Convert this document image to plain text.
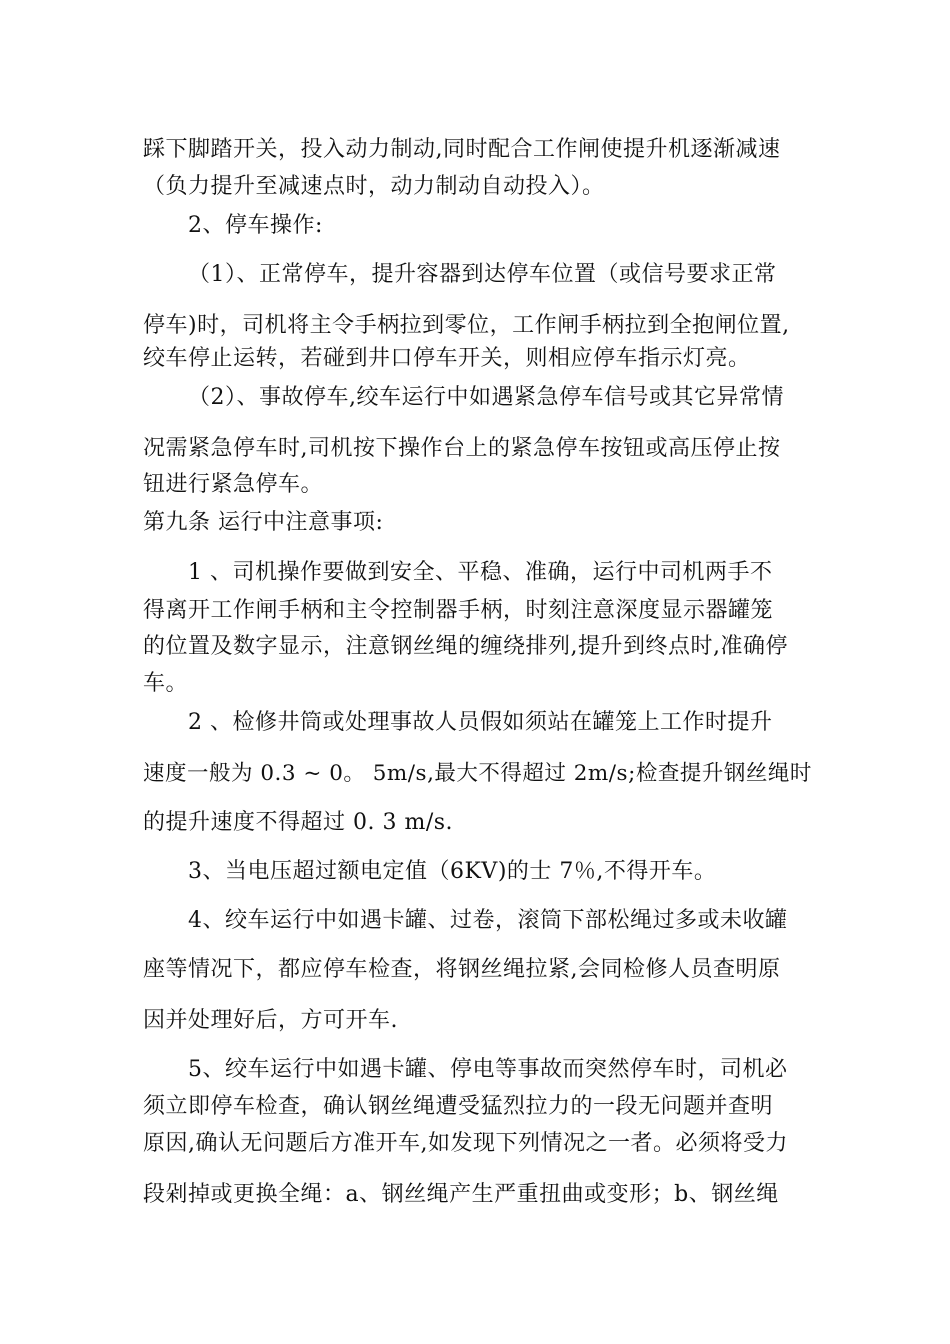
踩下脚踏开关，投入动力制动,同时配合工作闸使提升机逐渐减速
（负力提升至减速点时，动力制动自动投入）。
2、停车操作:
（1）、正常停车，提升容器到达停车位置（或信号要求正常
停车)时，司机将主令手柄拉到零位，工作闸手柄拉到全抱闸位置,
绞车停止运转，若碰到井口停车开关，则相应停车指示灯亮。
（2）、事故停车,绞车运行中如遇紧急停车信号或其它异常情
况需紧急停车时,司机按下操作台上的紧急停车按钮或高压停止按
钮进行紧急停车。
第九条 运行中注意事项:
1 、司机操作要做到安全、平稳、准确，运行中司机两手不
得离开工作闸手柄和主令控制器手柄，时刻注意深度显示器罐笼
的位置及数字显示，注意钢丝绳的缠绕排列,提升到终点时,准确停
车。
2 、检修井筒或处理事故人员假如须站在罐笼上工作时提升
速度一般为 0.3 ~ 0。 5m/s,最大不得超过 2m/s;检查提升钢丝绳时
的提升速度不得超过 0. 3 m/s.
3、当电压超过额电定值（6KV)的士 7％,不得开车。
4、绞车运行中如遇卡罐、过卷，滚筒下部松绳过多或未收罐
座等情况下，都应停车检查，将钢丝绳拉紧,会同检修人员查明原
因并处理好后，方可开车.
5、绞车运行中如遇卡罐、停电等事故而突然停车时，司机必
须立即停车检查，确认钢丝绳遭受猛烈拉力的一段无问题并查明
原因,确认无问题后方准开车,如发现下列情况之一者。必须将受力
段剁掉或更换全绳：a、钢丝绳产生严重扭曲或变形；b、钢丝绳
